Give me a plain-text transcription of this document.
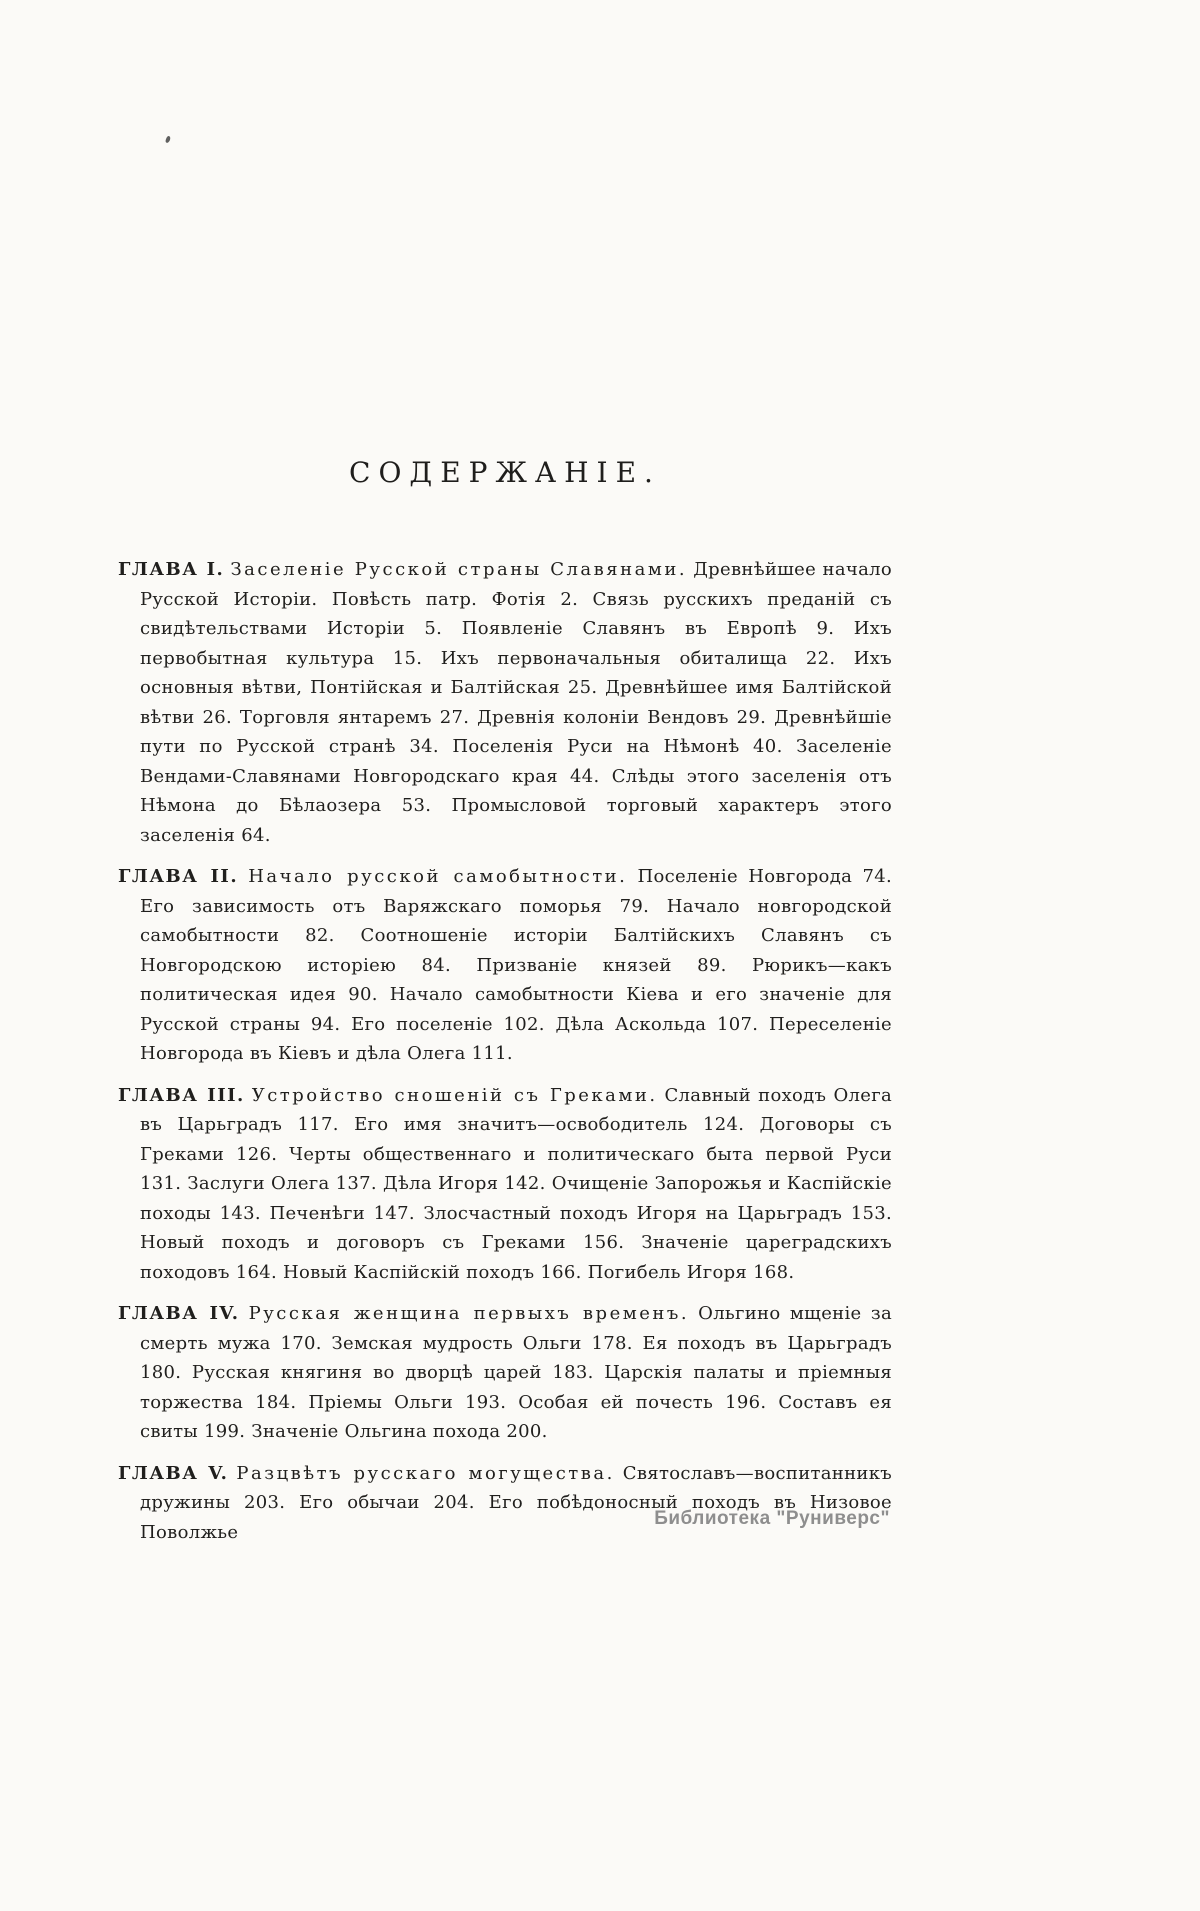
СОДЕРЖАНІЕ.

ГЛАВА I. Заселеніе Русской страны Славянами. Древнѣйшее начало Русской Исторіи. Повѣсть патр. Фотія 2. Связь русскихъ преданій съ свидѣтельствами Исторіи 5. Появленіе Славянъ въ Европѣ 9. Ихъ первобытная культура 15. Ихъ первоначальныя обиталища 22. Ихъ основныя вѣтви, Понтійская и Балтійская 25. Древнѣйшее имя Балтійской вѣтви 26. Торговля янтаремъ 27. Древнія колоніи Вендовъ 29. Древнѣйшіе пути по Русской странѣ 34. Поселенія Руси на Нѣмонѣ 40. Заселеніе Вендами-Славянами Новгородскаго края 44. Слѣды этого заселенія отъ Нѣмона до Бѣлаозера 53. Промысловой торговый характеръ этого заселенія 64.

ГЛАВА II. Начало русской самобытности. Поселеніе Новгорода 74. Его зависимость отъ Варяжскаго поморья 79. Начало новгородской самобытности 82. Соотношеніе исторіи Балтійскихъ Славянъ съ Новгородскою исторіею 84. Призваніе князей 89. Рюрикъ—какъ политическая идея 90. Начало самобытности Кіева и его значеніе для Русской страны 94. Его поселеніе 102. Дѣла Аскольда 107. Переселеніе Новгорода въ Кіевъ и дѣла Олега 111.

ГЛАВА III. Устройство сношеній съ Греками. Славный походъ Олега въ Царьградъ 117. Его имя значитъ—освободитель 124. Договоры съ Греками 126. Черты общественнаго и политическаго быта первой Руси 131. Заслуги Олега 137. Дѣла Игоря 142. Очищеніе Запорожья и Каспійскіе походы 143. Печенѣги 147. Злосчастный походъ Игоря на Царьградъ 153. Новый походъ и договоръ съ Греками 156. Значеніе цареградскихъ походовъ 164. Новый Каспійскій походъ 166. Погибель Игоря 168.

ГЛАВА IV. Русская женщина первыхъ временъ. Ольгино мщеніе за смерть мужа 170. Земская мудрость Ольги 178. Ея походъ въ Царьградъ 180. Русская княгиня во дворцѣ царей 183. Царскія палаты и пріемныя торжества 184. Пріемы Ольги 193. Особая ей почесть 196. Составъ ея свиты 199. Значеніе Ольгина похода 200.

ГЛАВА V. Разцвѣтъ русскаго могущества. Святославъ—воспитанникъ дружины 203. Его обычаи 204. Его побѣдоносный походъ въ Низовое Поволжье

Библиотека "Руниверс"
